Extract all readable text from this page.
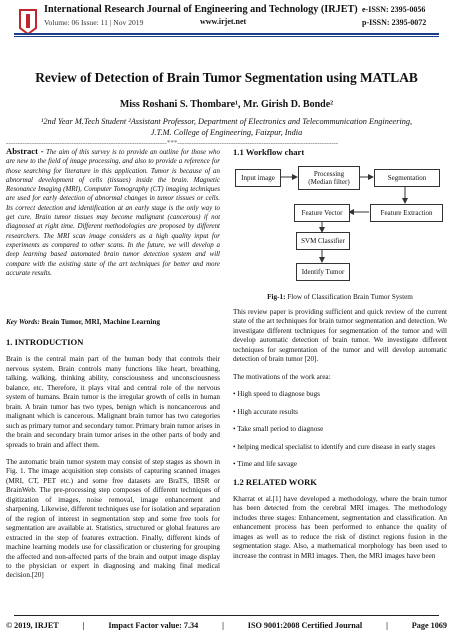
International Research Journal of Engineering and Technology (IRJET)
Volume: 06 Issue: 11 | Nov 2019	www.irjet.net
e-ISSN: 2395-0056
p-ISSN: 2395-0072
Review of Detection of Brain Tumor Segmentation using MATLAB
Miss Roshani S. Thombare¹, Mr. Girish D. Bonde²
¹2nd Year M.Tech Student ²Assistant Professor, Department of Electronics and Telecommunication Engineering,
J.T.M. College of Engineering, Faizpur, India
---------------------------------------------------------------------***---------------------------------------------------------------------
Abstract - The aim of this survey is to provide an outline for those who are new to the field of image processing, and also to provide a reference for those searching for literature in this application. Tumor is because of an abnormal development of cells (tissues) inside the brain. Magnetic Resonance Imaging (MRI), Computer Tomography (CT) imaging techniques are used for early detection of abnormal changes in tumor tissues or cells. Its correct detection and identification at an early stage is the only way to get cure. Brain tumor tissues may become malignant (cancerous) if not diagnosed at right time. Different methodologies are proposed by different researchers. The MRI scan image considers as a high quality input for experiments as compared to other scans. In the future, we will develop a deep learning based automated brain tumor detection system and will compare with the existing state of the art techniques for better and more accurate results.
Key Words: Brain Tumor, MRI, Machine Learning
1. INTRODUCTION

Brain is the central main part of the human body that controls their nervous system. Brain controls many functions like heart, breathing, talking, walking, thinking ability, consciousness and unconsciousness balance, etc. Therefore, it plays vital and central role of the nervous system of humans. Brain tumor is the irregular growth of cells in human brain. A brain tumor has two types, benign which is noncancerous and malignant which is cancerous. Malignant brain tumor has two categories such as primary tumor and secondary tumor. Primary brain tumor arises in the brain and secondary brain tumor arises in the other parts of body and spreads to brain and affect them.

The automatic brain tumor system may consist of step stages as shown in Fig. 1. The image acquisition step consists of capturing scanned images (MRI, CT, PET etc.) and some free datasets are BraTS, IBSR or BrainWeb. The pre-processing step composes of different techniques of digitization of images, noise removal, image enhancement and sharpening. Likewise, different techniques use for isolation and separation of the region of interest in segmentation step and some free tools for segmentation are available at. Statistics, structured or global features are extracted in the step of features extraction. Finally, different kinds of machine learning models use for classification or clustering for grouping the affected and non-affected parts of the brain and output image display to the physician or expert in diagnosing and making final medical decision.[20]

1.1 Workflow chart
Input image	Processing
(Median filter)	Segmentation
Feature Vector	Feature Extraction
SVM Classifier
Identify Tumor
Fig-1: Flow of Classification Brain Tumor System

This review paper is providing sufficient and quick review of the current state of the art techniques for brain tumor segmentation and detection. We investigate different techniques for segmentation of the tumor and will develop automatic detection of brain tumor. We investigate different techniques for segmentation of the tumor and will develop automatic detection of brain tumor [20].

The motivations of the work area:

• High speed to diagnose bugs

• High accurate results

• Take small period to diagnose

• helping medical specialist to identify and cure disease in early stages

• Time and life savage

1.2 RELATED WORK

Kharrat et al.[1] have developed a methodology, where the brain tumor has been detected from the cerebral MRI images. The methodology includes three stages: Enhancement, segmentation and classification. An enhancement process has been performed to enhance the quality of images as well as to reduce the risk of distinct regions fusion in the segmentation stage. Also, a mathematical morphology has been used to increase the contrast in MRI images. Then, the MRI images have been

© 2019, IRJET	|	Impact Factor value: 7.34	|	ISO 9001:2008 Certified Journal	|	Page 1069
